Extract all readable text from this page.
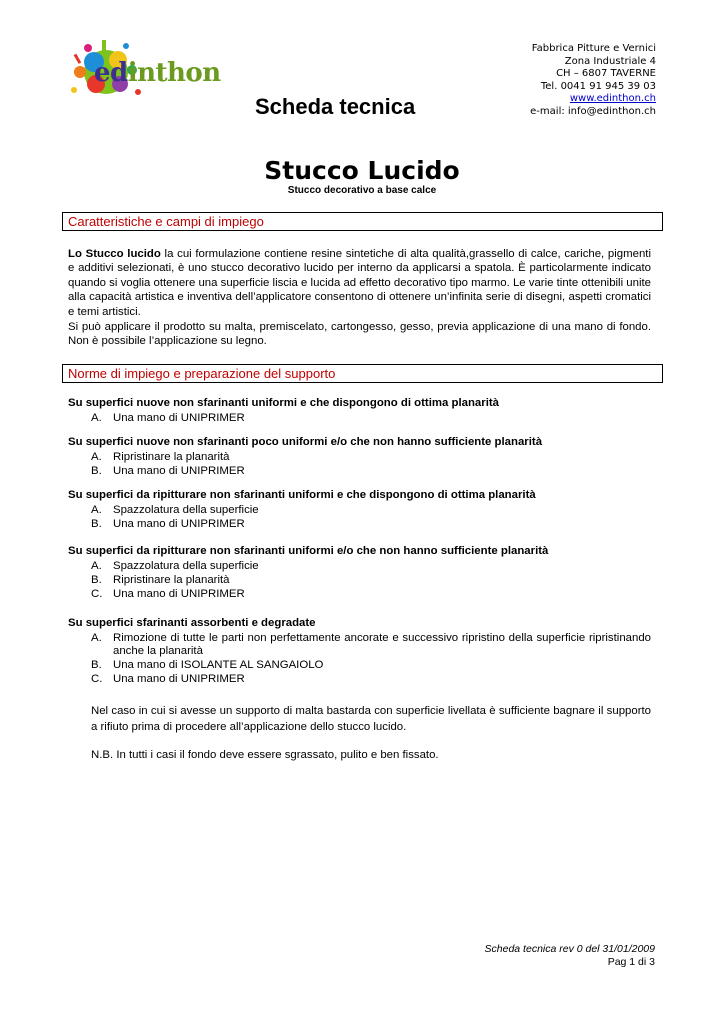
edinthon
Fabbrica Pitture e Vernici
Zona Industriale 4
CH – 6807 TAVERNE
Tel. 0041 91 945 39 03
www.edinthon.ch
e-mail: info@edinthon.ch
Scheda tecnica
Stucco Lucido
Stucco decorativo a base calce
Caratteristiche e campi di impiego
Lo Stucco lucido la cui formulazione contiene resine sintetiche di alta qualità,grassello di calce, cariche, pigmenti e additivi selezionati, è uno stucco decorativo lucido per interno da applicarsi a spatola. È particolarmente indicato quando si voglia ottenere una superficie liscia e lucida ad effetto decorativo tipo marmo. Le varie tinte ottenibili unite alla capacità artistica e inventiva dell’applicatore consentono di ottenere un’infinita serie di disegni, aspetti cromatici e temi artistici.
Si può applicare il prodotto su malta, premiscelato, cartongesso, gesso, previa applicazione di una mano di fondo. Non è possibile l’applicazione su legno.
Norme di impiego e preparazione del supporto
Su superfici nuove non sfarinanti uniformi e che dispongono di ottima planarità
A. Una mano di UNIPRIMER
Su superfici nuove non sfarinanti poco uniformi e/o che non hanno sufficiente planarità
A. Ripristinare la planarità
B. Una mano di UNIPRIMER
Su superfici da ripitturare non sfarinanti uniformi e che dispongono di ottima planarità
A. Spazzolatura della superficie
B. Una mano di UNIPRIMER
Su superfici da ripitturare non sfarinanti uniformi e/o che non hanno sufficiente planarità
A. Spazzolatura della superficie
B. Ripristinare la planarità
C. Una mano di UNIPRIMER
Su superfici sfarinanti assorbenti e degradate
A. Rimozione di tutte le parti non perfettamente ancorate e successivo ripristino della superficie ripristinando anche la planarità
B. Una mano di ISOLANTE AL SANGAIOLO
C. Una mano di UNIPRIMER
Nel caso in cui si avesse un supporto di malta bastarda con superficie livellata è sufficiente bagnare il supporto a rifiuto prima di procedere all’applicazione dello stucco lucido.
N.B. In tutti i casi il fondo deve essere sgrassato, pulito e ben fissato.
Scheda tecnica rev 0 del 31/01/2009
Pag 1 di 3
